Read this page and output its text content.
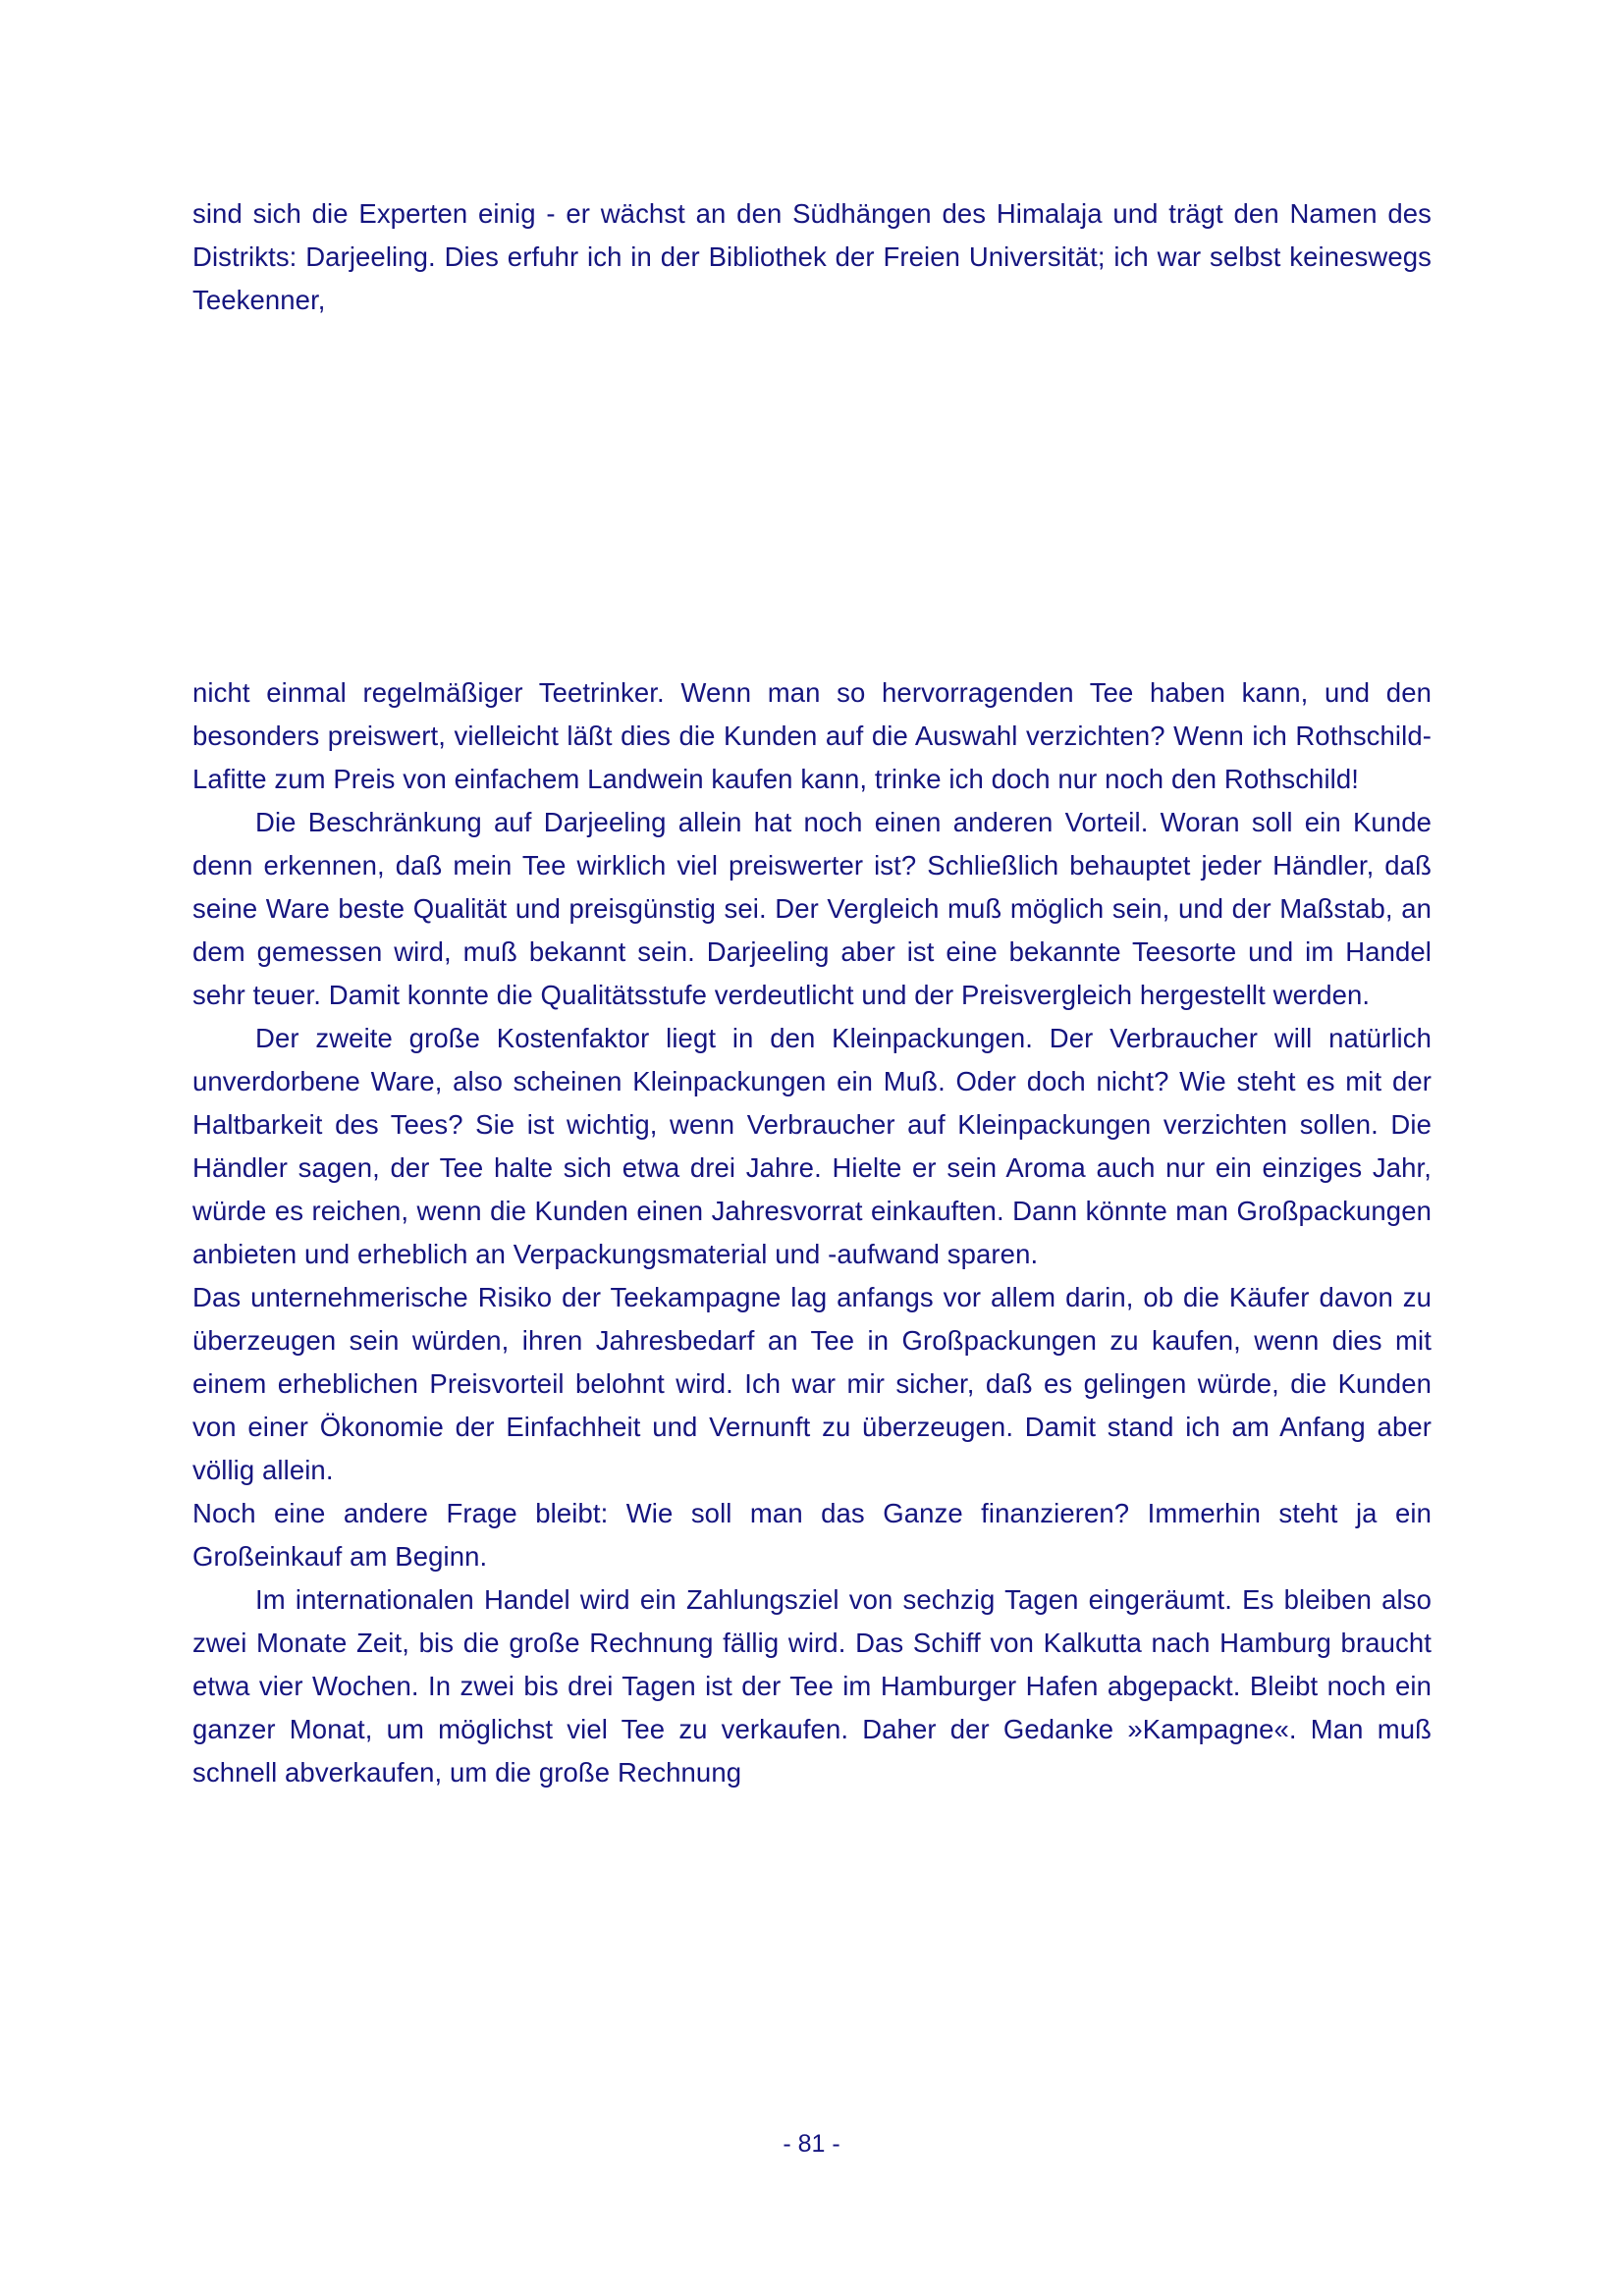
sind sich die Experten einig - er wächst an den Südhängen des Himalaja und trägt den Namen des Distrikts: Darjeeling. Dies erfuhr ich in der Bibliothek der Freien Universität; ich war selbst keineswegs Teekenner,

nicht einmal regelmäßiger Teetrinker. Wenn man so hervorragenden Tee haben kann, und den besonders preiswert, vielleicht läßt dies die Kunden auf die Auswahl verzichten? Wenn ich Rothschild-Lafitte zum Preis von einfachem Landwein kaufen kann, trinke ich doch nur noch den Rothschild!

Die Beschränkung auf Darjeeling allein hat noch einen anderen Vorteil. Woran soll ein Kunde denn erkennen, daß mein Tee wirklich viel preiswerter ist? Schließlich behauptet jeder Händler, daß seine Ware beste Qualität und preisgünstig sei. Der Vergleich muß möglich sein, und der Maßstab, an dem gemessen wird, muß bekannt sein. Darjeeling aber ist eine bekannte Teesorte und im Handel sehr teuer. Damit konnte die Qualitätsstufe verdeutlicht und der Preisvergleich hergestellt werden.

Der zweite große Kostenfaktor liegt in den Kleinpackungen. Der Verbraucher will natürlich unverdorbene Ware, also scheinen Kleinpackungen ein Muß. Oder doch nicht? Wie steht es mit der Haltbarkeit des Tees? Sie ist wichtig, wenn Verbraucher auf Kleinpackungen verzichten sollen. Die Händler sagen, der Tee halte sich etwa drei Jahre. Hielte er sein Aroma auch nur ein einziges Jahr, würde es reichen, wenn die Kunden einen Jahresvorrat einkauften. Dann könnte man Großpackungen anbieten und erheblich an Verpackungsmaterial und -aufwand sparen.

Das unternehmerische Risiko der Teekampagne lag anfangs vor allem darin, ob die Käufer davon zu überzeugen sein würden, ihren Jahresbedarf an Tee in Großpackungen zu kaufen, wenn dies mit einem erheblichen Preisvorteil belohnt wird. Ich war mir sicher, daß es gelingen würde, die Kunden von einer Ökonomie der Einfachheit und Vernunft zu überzeugen. Damit stand ich am Anfang aber völlig allein.

Noch eine andere Frage bleibt: Wie soll man das Ganze finanzieren? Immerhin steht ja ein Großeinkauf am Beginn.

Im internationalen Handel wird ein Zahlungsziel von sechzig Tagen eingeräumt. Es bleiben also zwei Monate Zeit, bis die große Rechnung fällig wird. Das Schiff von Kalkutta nach Hamburg braucht etwa vier Wochen. In zwei bis drei Tagen ist der Tee im Hamburger Hafen abgepackt. Bleibt noch ein ganzer Monat, um möglichst viel Tee zu verkaufen. Daher der Gedanke »Kampagne«. Man muß schnell abverkaufen, um die große Rechnung

- 81 -
